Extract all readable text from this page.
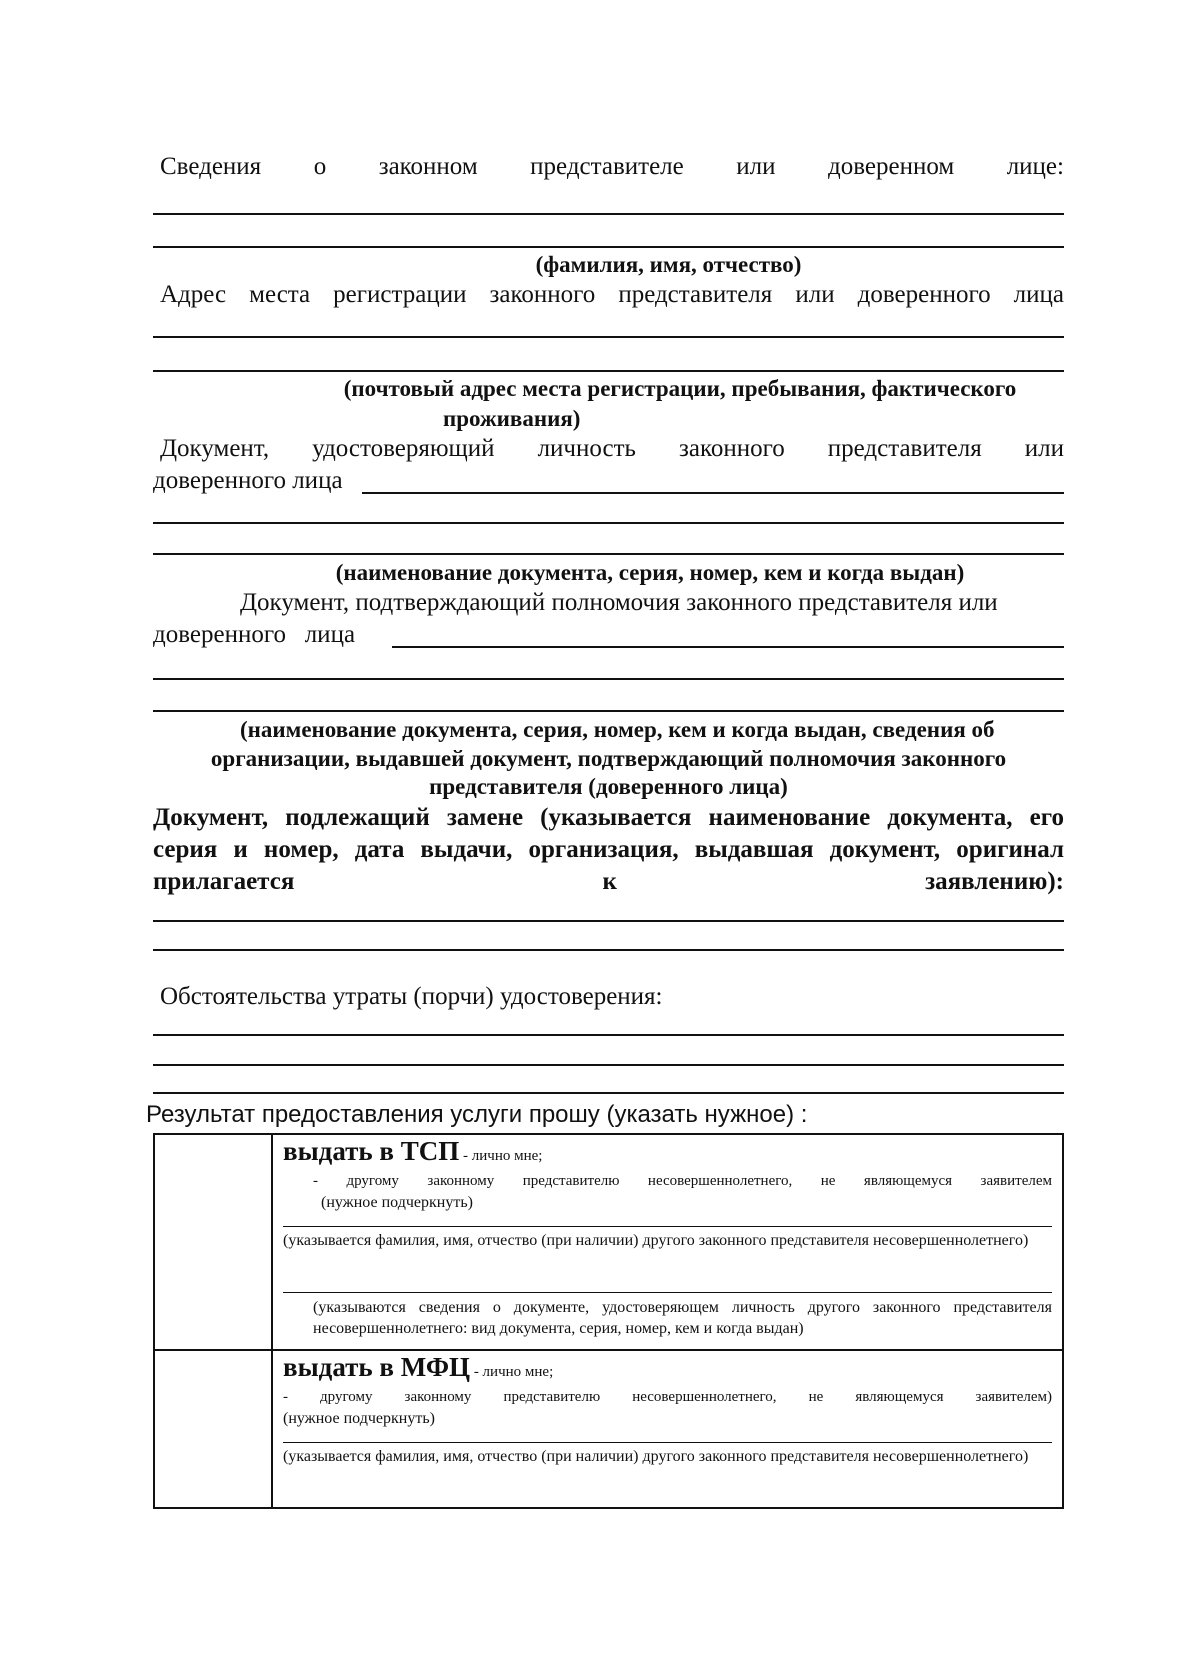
Сведения о законном представителе или доверенном лице:
(фамилия, имя, отчество)
Адрес места регистрации законного представителя или доверенного лица
(почтовый адрес места регистрации, пребывания, фактического
проживания)
Документ, удостоверяющий личность законного представителя или
доверенного лица
(наименование документа, серия, номер, кем и когда выдан)
Документ, подтверждающий полномочия законного представителя или
доверенного   лица
(наименование документа, серия, номер, кем и когда выдан, сведения об
организации, выдавшей документ, подтверждающий полномочия законного
представителя (доверенного лица)
Документ, подлежащий замене (указывается наименование документа, его
серия и номер, дата выдачи, организация, выдавшая документ, оригинал
прилагается	к	заявлению):
Обстоятельства утраты (порчи) удостоверения:
Результат предоставления услуги прошу (указать нужное) :
выдать в ТСП - лично мне;
- другому законному представителю несовершеннолетнего, не являющемуся заявителем
(нужное подчеркнуть)
(указывается фамилия, имя, отчество (при наличии) другого законного представителя несовершеннолетнего)
(указываются сведения о документе, удостоверяющем личность другого законного представителя несовершеннолетнего: вид документа, серия, номер, кем и когда выдан)
выдать в МФЦ - лично мне;
- другому законному представителю несовершеннолетнего, не являющемуся заявителем)
(нужное подчеркнуть)
(указывается фамилия, имя, отчество (при наличии) другого законного представителя несовершеннолетнего)
